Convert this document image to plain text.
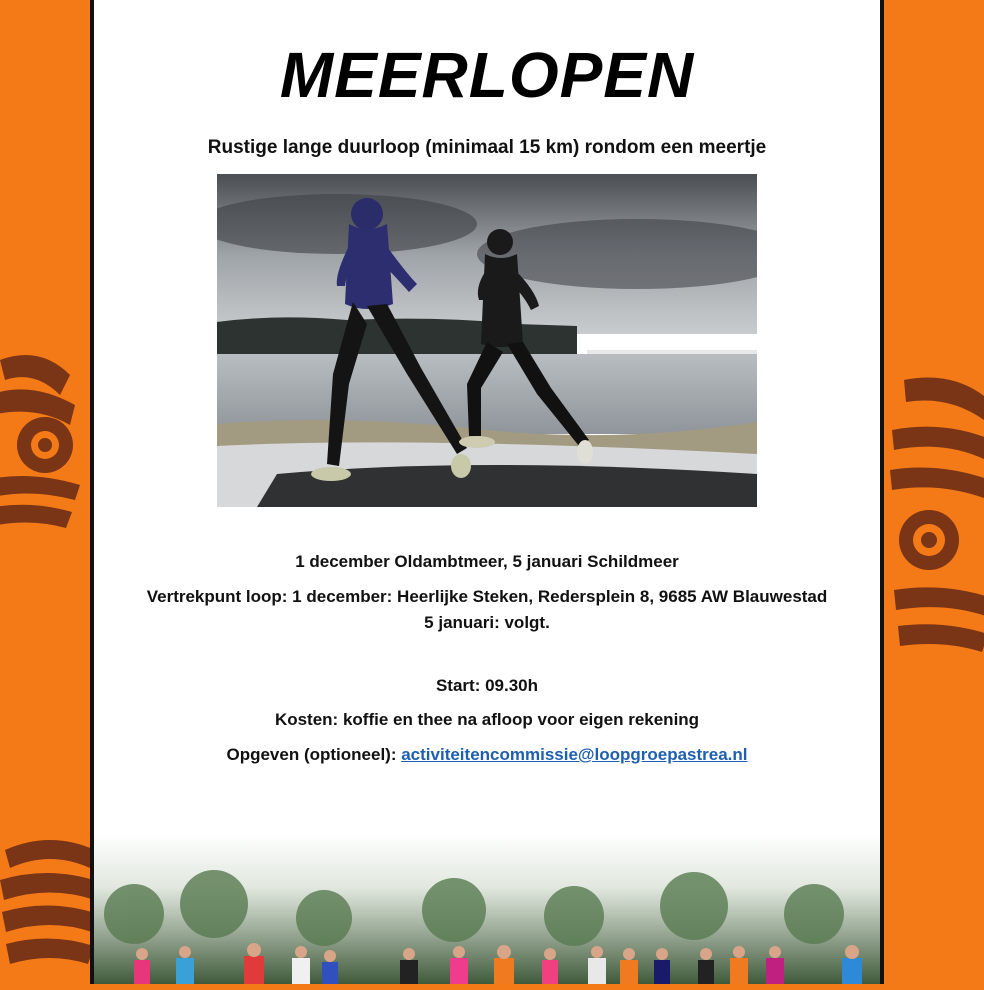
MEERLOPEN
Rustige lange duurloop (minimaal 15 km) rondom een meertje
1 december Oldambtmeer, 5 januari Schildmeer
Vertrekpunt loop: 1 december: Heerlijke Steken, Redersplein 8, 9685 AW Blauwestad
5 januari: volgt.
Start: 09.30h
Kosten: koffie en thee na afloop voor eigen rekening
Opgeven (optioneel): activiteitencommissie@loopgroepastrea.nl
